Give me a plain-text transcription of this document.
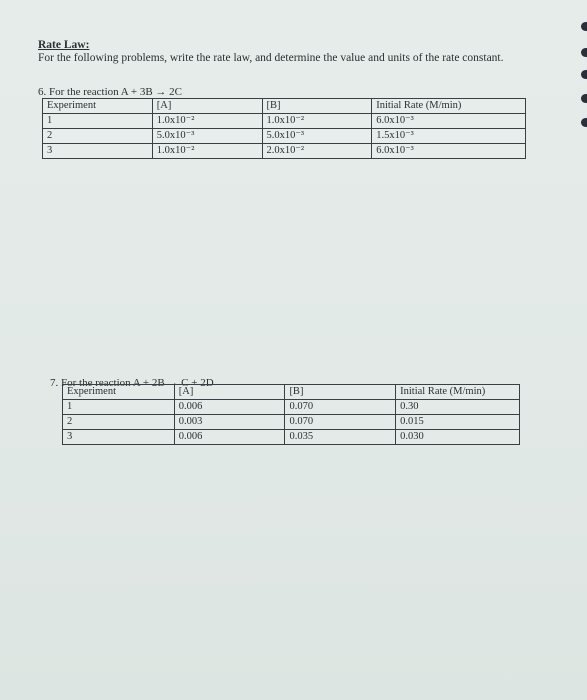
Rate Law:
For the following problems, write the rate law, and determine the value and units of the rate constant.
6. For the reaction A + 3B → 2C
Experiment	[A]	[B]	Initial Rate (M/min)
1	1.0x10⁻²	1.0x10⁻²	6.0x10⁻³
2	5.0x10⁻³	5.0x10⁻³	1.5x10⁻³
3	1.0x10⁻²	2.0x10⁻²	6.0x10⁻³
7. For the reaction A + 2B → C + 2D
Experiment	[A]	[B]	Initial Rate (M/min)
1	0.006	0.070	0.30
2	0.003	0.070	0.015
3	0.006	0.035	0.030
